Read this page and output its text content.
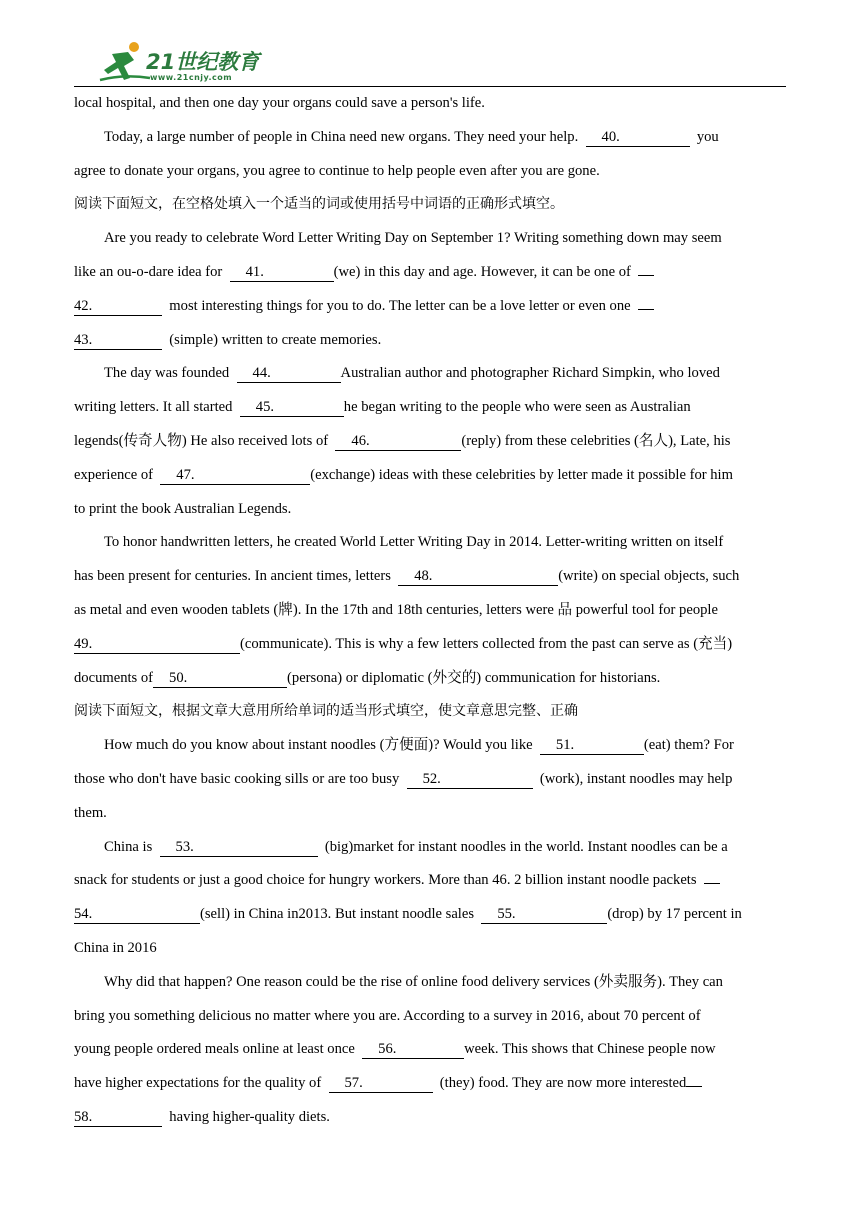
21世纪教育
www.21cnjy.com
local hospital, and then one day your organs could save a person's life.
Today, a large number of people in China need new organs. They need your help. 40.	you
agree to donate your organs, you agree to continue to help people even after you are gone.
阅读下面短文，在空格处填入一个适当的词或使用括号中词语的正确形式填空。
Are you ready to celebrate Word Letter Writing Day on September 1? Writing something down may seem
like an ou-o-dare idea for 41.	(we) in this day and age. However, it can be one of
42.	most interesting things for you to do. The letter can be a love letter or even one
43.	(simple) written to create memories.
The day was founded 44.	Australian author and photographer Richard Simpkin, who loved
writing letters. It all started 45.	he began writing to the people who were seen as Australian
legends(传奇人物) He also received lots of 46.	(reply) from these celebrities (名人), Late, his
experience of 47.	(exchange) ideas with these celebrities by letter made it possible for him
to print the book Australian Legends.
To honor handwritten letters, he created World Letter Writing Day in 2014. Letter-writing written on itself
has been present for centuries. In ancient times, letters 48.	(write) on special objects, such
as metal and even wooden tablets (牌). In the 17th and 18th centuries, letters were 品 powerful tool for people
49.	(communicate). This is why a few letters collected from the past can serve as (充当)
documents of 50.	(persona) or diplomatic (外交的) communication for historians.
阅读下面短文，根据文章大意用所给单词的适当形式填空，使文章意思完整、正确
How much do you know about instant noodles (方便面)? Would you like 51.	(eat) them? For
those who don't have basic cooking sills or are too busy 52.	(work), instant noodles may help
them.
China is 53.	(big)market for instant noodles in the world. Instant noodles can be a
snack for students or just a good choice for hungry workers. More than 46. 2 billion instant noodle packets
54.	(sell) in China in2013. But instant noodle sales 55.	(drop) by 17 percent in
China in 2016
Why did that happen? One reason could be the rise of online food delivery services (外卖服务). They can
bring you something delicious no matter where you are. According to a survey in 2016, about 70 percent of
young people ordered meals online at least once 56.	week. This shows that Chinese people now
have higher expectations for the quality of 57.	(they) food. They are now more interested
58.	having higher-quality diets.
